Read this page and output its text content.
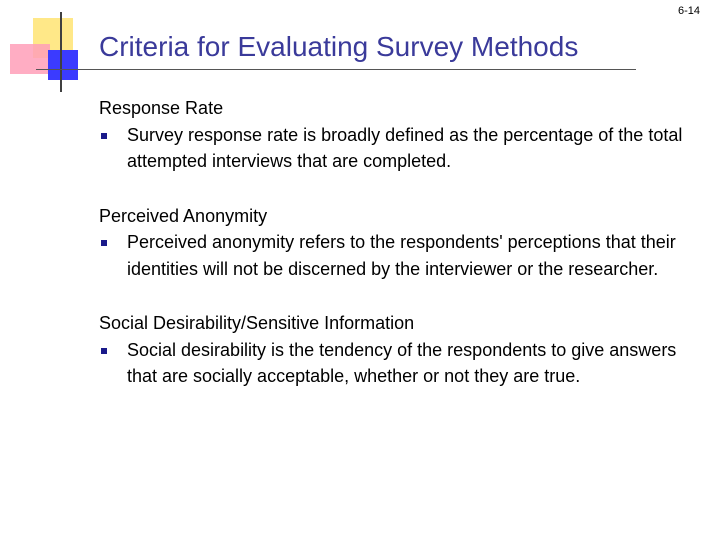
6-14
Criteria for Evaluating Survey Methods
Response Rate
Survey response rate is broadly defined as the percentage of the total attempted interviews that are completed.
Perceived Anonymity
Perceived anonymity refers to the respondents' perceptions that their identities will not be discerned by the interviewer or the researcher.
Social Desirability/Sensitive Information
Social desirability is the tendency of the respondents to give answers that are socially acceptable, whether or not they are true.
